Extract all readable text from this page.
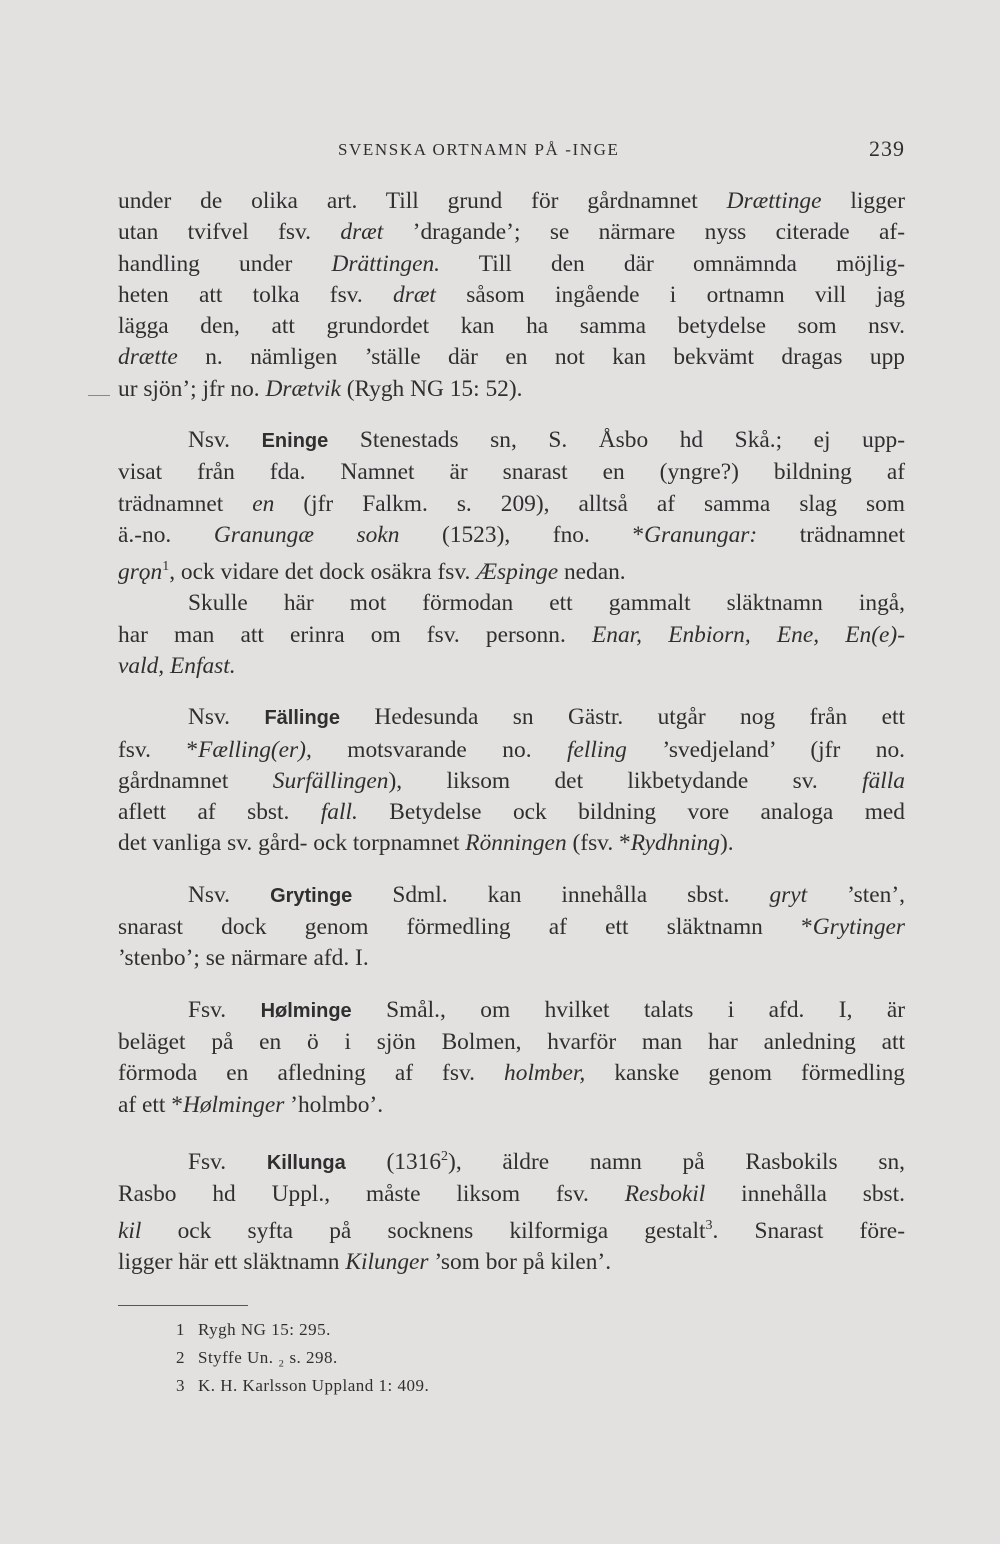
SVENSKA ORTNAMN PÅ -INGE	239
under de olika art. Till grund för gårdnamnet Drættinge ligger
utan tvifvel fsv. dræt ’dragande’; se närmare nyss citerade af-
handling under Drättingen. Till den där omnämnda möjlig-
heten att tolka fsv. dræt såsom ingående i ortnamn vill jag
lägga den, att grundordet kan ha samma betydelse som nsv.
drætte n. nämligen ’ställe där en not kan bekvämt dragas upp
ur sjön’; jfr no. Drætvik (Rygh NG 15: 52).
Nsv. Eninge Stenestads sn, S. Åsbo hd Skå.; ej upp-
visat från fda. Namnet är snarast en (yngre?) bildning af
trädnamnet en (jfr Falkm. s. 209), alltså af samma slag som
ä.-no. Granungæ sokn (1523), fno. *Granungar: trädnamnet
grǫn$^1$, ock vidare det dock osäkra fsv. Æspinge nedan.
Skulle här mot förmodan ett gammalt släktnamn ingå,
har man att erinra om fsv. personn. Enar, Enbiorn, Ene, En(e)-
vald, Enfast.
Nsv. Fällinge Hedesunda sn Gästr. utgår nog från ett
fsv. *Fælling(er), motsvarande no. felling ’svedjeland’ (jfr no.
gårdnamnet Surfällingen), liksom det likbetydande sv. fälla
aflett af sbst. fall. Betydelse ock bildning vore analoga med
det vanliga sv. gård- ock torpnamnet Rönningen (fsv. *Rydhning).
Nsv. Grytinge Sdml. kan innehålla sbst. gryt ’sten’,
snarast dock genom förmedling af ett släktnamn *Grytinger
’stenbo’; se närmare afd. I.
Fsv. Hølminge Smål., om hvilket talats i afd. I, är
beläget på en ö i sjön Bolmen, hvarför man har anledning att
förmoda en afledning af fsv. holmber, kanske genom förmedling
af ett *Hølminger ’holmbo’.
Fsv. Killunga (1316$^2$), äldre namn på Rasbokils sn,
Rasbo hd Uppl., måste liksom fsv. Resbokil innehålla sbst.
kil ock syfta på socknens kilformiga gestalt$^3$. Snarast före-
ligger här ett släktnamn Kilunger ’som bor på kilen’.
1 Rygh NG 15: 295.
2 Styffe Un. ₂ s. 298.
3 K. H. Karlsson Uppland 1: 409.
